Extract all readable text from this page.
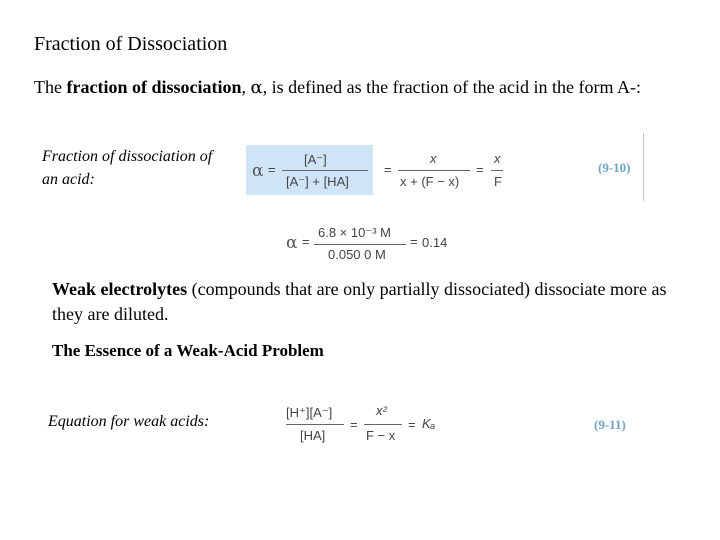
Fraction of Dissociation
The fraction of dissociation, α, is defined as the fraction of the acid in the form A-:
Fraction of dissociation of an acid:	α =
[A⁻]
[A⁻] + [HA]
=
x
x + (F − x)
=
x
F
(9-10)
α =
6.8 × 10⁻³ M
0.050 0 M
= 0.14
Weak electrolytes (compounds that are only partially dissociated) dissociate more as they are diluted.
The Essence of a Weak-Acid Problem
Equation for weak acids:
[H⁺][A⁻]
[HA]
=
x²
F − x
= Kₐ	(9-11)
